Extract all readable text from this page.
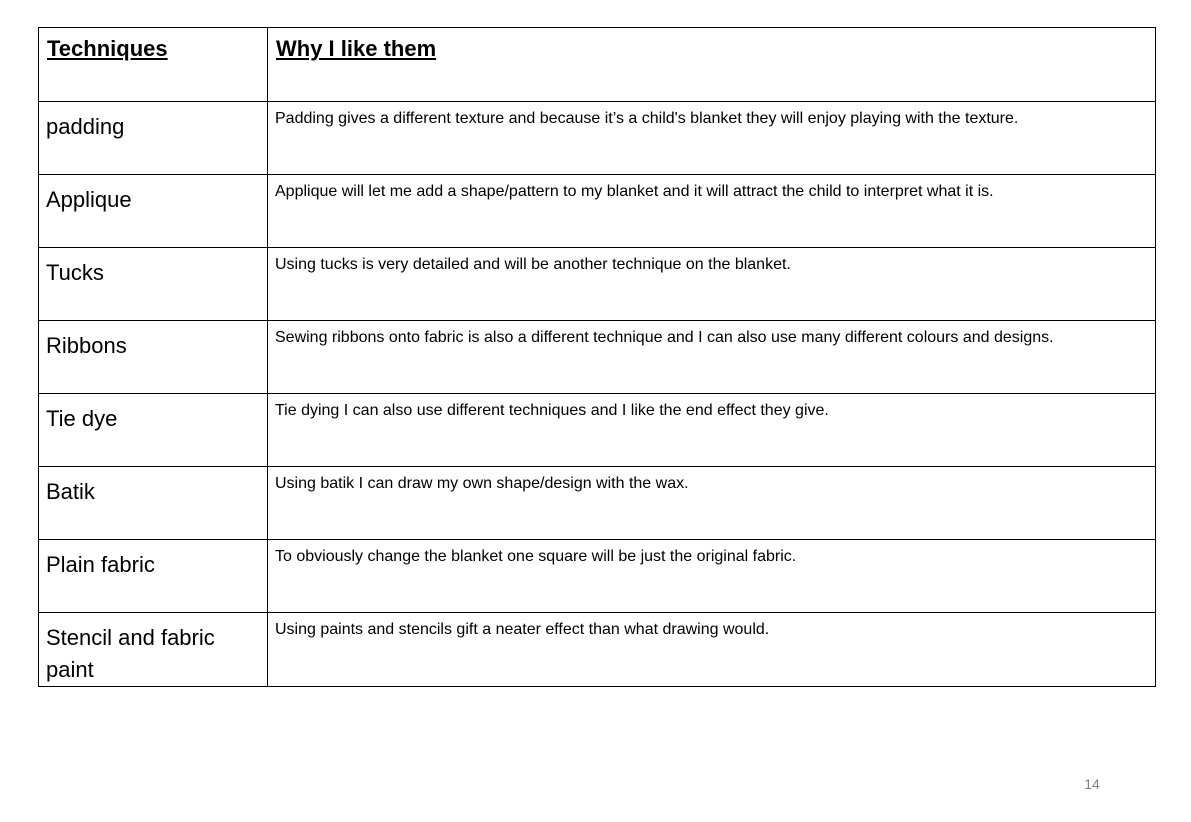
Techniques	Why I like them

padding	Padding gives a different texture and because it’s a child's blanket they will enjoy playing with the texture.

Applique	Applique will let me add a shape/pattern to my blanket and it will attract the child to interpret what it is.

Tucks	Using tucks is very detailed and will be another technique on the blanket.

Ribbons	Sewing ribbons onto fabric is also a different technique and I can also use many different colours and designs.

Tie dye	Tie dying I can also use different techniques and I like the end effect they give.

Batik	Using batik I can draw my own shape/design with the wax.

Plain fabric	To obviously change the blanket one square will be just the original fabric.

Stencil and fabric paint	Using paints and stencils gift a neater effect than what drawing would.
14
